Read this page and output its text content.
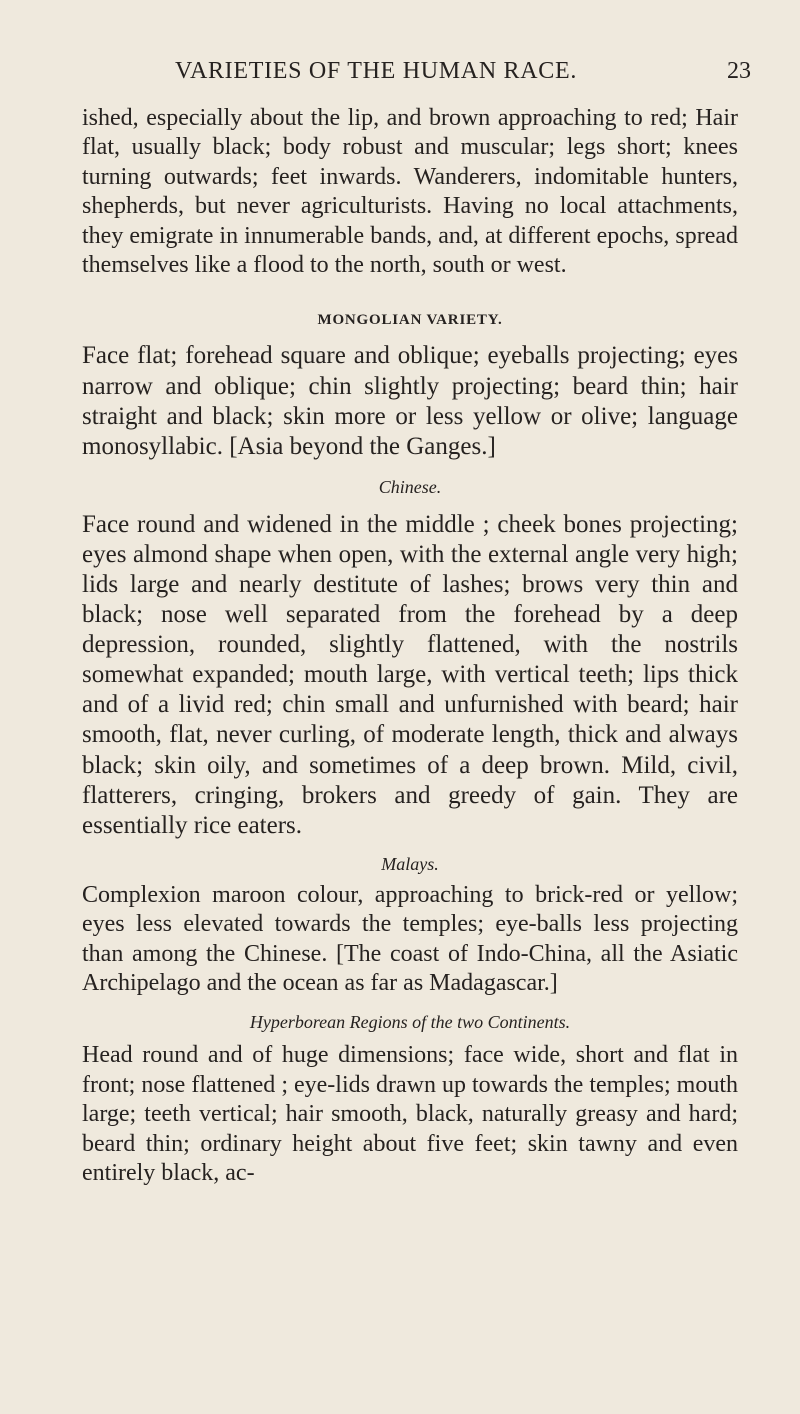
VARIETIES OF THE HUMAN RACE.	23

ished, especially about the lip, and brown approaching to red; Hair flat, usually black; body robust and muscular; legs short; knees turning outwards; feet inwards. Wanderers, indomitable hunters, shepherds, but never agriculturists. Having no local attachments, they emigrate in innumerable bands, and, at different epochs, spread themselves like a flood to the north, south or west.

MONGOLIAN VARIETY.

Face flat; forehead square and oblique; eyeballs projecting; eyes narrow and oblique; chin slightly projecting; beard thin; hair straight and black; skin more or less yellow or olive; language monosyllabic. [Asia beyond the Ganges.]

Chinese.

Face round and widened in the middle ; cheek bones projecting; eyes almond shape when open, with the external angle very high; lids large and nearly destitute of lashes; brows very thin and black; nose well separated from the forehead by a deep depression, rounded, slightly flattened, with the nostrils somewhat expanded; mouth large, with vertical teeth; lips thick and of a livid red; chin small and unfurnished with beard; hair smooth, flat, never curling, of moderate length, thick and always black; skin oily, and sometimes of a deep brown. Mild, civil, flatterers, cringing, brokers and greedy of gain. They are essentially rice eaters.

Malays.

Complexion maroon colour, approaching to brick-red or yellow; eyes less elevated towards the temples; eye-balls less projecting than among the Chinese. [The coast of Indo-China, all the Asiatic Archipelago and the ocean as far as Madagascar.]

Hyperborean Regions of the two Continents.

Head round and of huge dimensions; face wide, short and flat in front; nose flattened ; eye-lids drawn up towards the temples; mouth large; teeth vertical; hair smooth, black, naturally greasy and hard; beard thin; ordinary height about five feet; skin tawny and even entirely black, ac-
